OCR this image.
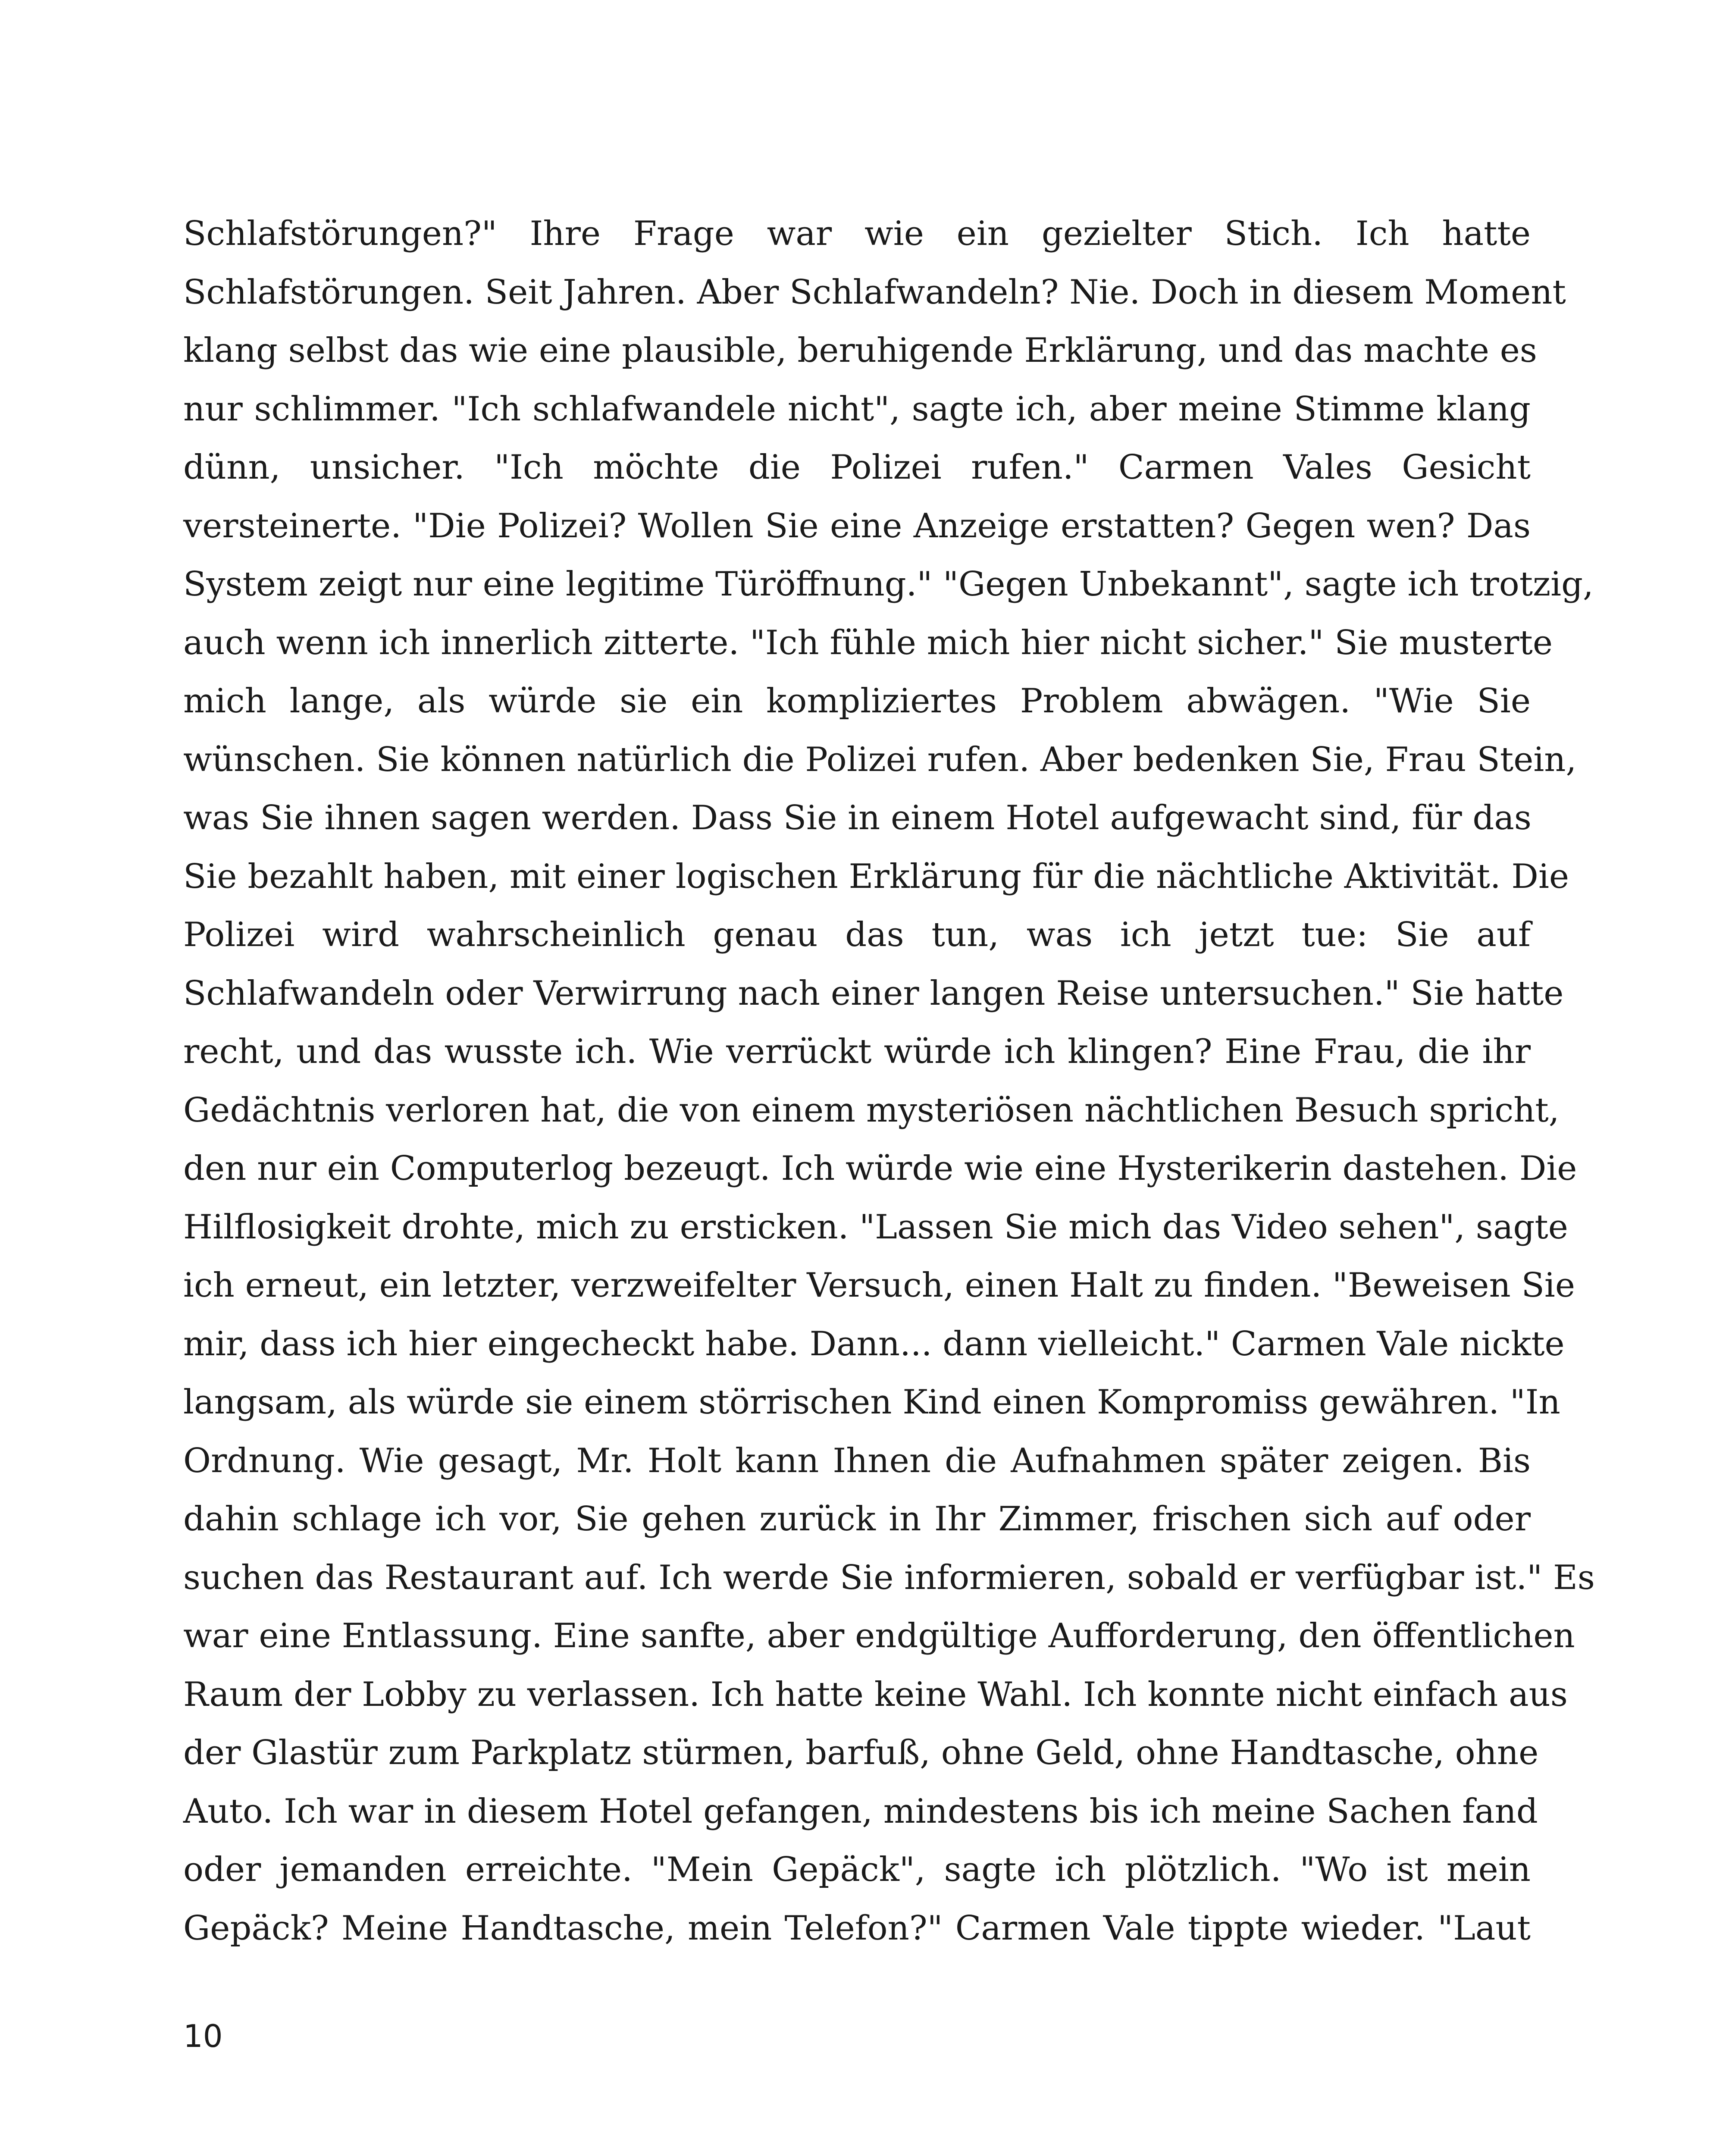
Schlafstörungen?" Ihre Frage war wie ein gezielter Stich. Ich hatte
Schlafstörungen. Seit Jahren. Aber Schlafwandeln? Nie. Doch in diesem Moment
klang selbst das wie eine plausible, beruhigende Erklärung, und das machte es
nur schlimmer. "Ich schlafwandele nicht", sagte ich, aber meine Stimme klang
dünn, unsicher. "Ich möchte die Polizei rufen." Carmen Vales Gesicht
versteinerte. "Die Polizei? Wollen Sie eine Anzeige erstatten? Gegen wen? Das
System zeigt nur eine legitime Türöffnung." "Gegen Unbekannt", sagte ich trotzig,
auch wenn ich innerlich zitterte. "Ich fühle mich hier nicht sicher." Sie musterte
mich lange, als würde sie ein kompliziertes Problem abwägen. "Wie Sie
wünschen. Sie können natürlich die Polizei rufen. Aber bedenken Sie, Frau Stein,
was Sie ihnen sagen werden. Dass Sie in einem Hotel aufgewacht sind, für das
Sie bezahlt haben, mit einer logischen Erklärung für die nächtliche Aktivität. Die
Polizei wird wahrscheinlich genau das tun, was ich jetzt tue: Sie auf
Schlafwandeln oder Verwirrung nach einer langen Reise untersuchen." Sie hatte
recht, und das wusste ich. Wie verrückt würde ich klingen? Eine Frau, die ihr
Gedächtnis verloren hat, die von einem mysteriösen nächtlichen Besuch spricht,
den nur ein Computerlog bezeugt. Ich würde wie eine Hysterikerin dastehen. Die
Hilflosigkeit drohte, mich zu ersticken. "Lassen Sie mich das Video sehen", sagte
ich erneut, ein letzter, verzweifelter Versuch, einen Halt zu finden. "Beweisen Sie
mir, dass ich hier eingecheckt habe. Dann... dann vielleicht." Carmen Vale nickte
langsam, als würde sie einem störrischen Kind einen Kompromiss gewähren. "In
Ordnung. Wie gesagt, Mr. Holt kann Ihnen die Aufnahmen später zeigen. Bis
dahin schlage ich vor, Sie gehen zurück in Ihr Zimmer, frischen sich auf oder
suchen das Restaurant auf. Ich werde Sie informieren, sobald er verfügbar ist." Es
war eine Entlassung. Eine sanfte, aber endgültige Aufforderung, den öffentlichen
Raum der Lobby zu verlassen. Ich hatte keine Wahl. Ich konnte nicht einfach aus
der Glastür zum Parkplatz stürmen, barfuß, ohne Geld, ohne Handtasche, ohne
Auto. Ich war in diesem Hotel gefangen, mindestens bis ich meine Sachen fand
oder jemanden erreichte. "Mein Gepäck", sagte ich plötzlich. "Wo ist mein
Gepäck? Meine Handtasche, mein Telefon?" Carmen Vale tippte wieder. "Laut
10
